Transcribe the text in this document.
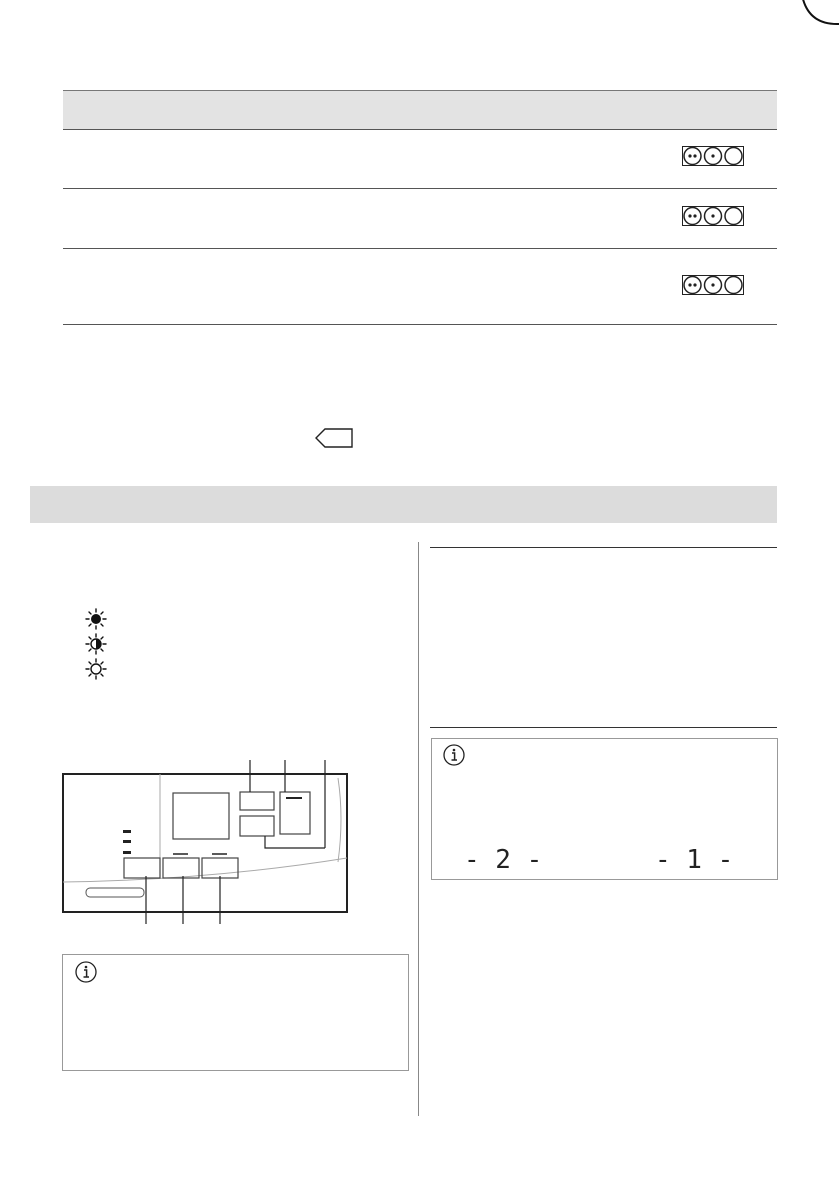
- 2 -	- 1 -
